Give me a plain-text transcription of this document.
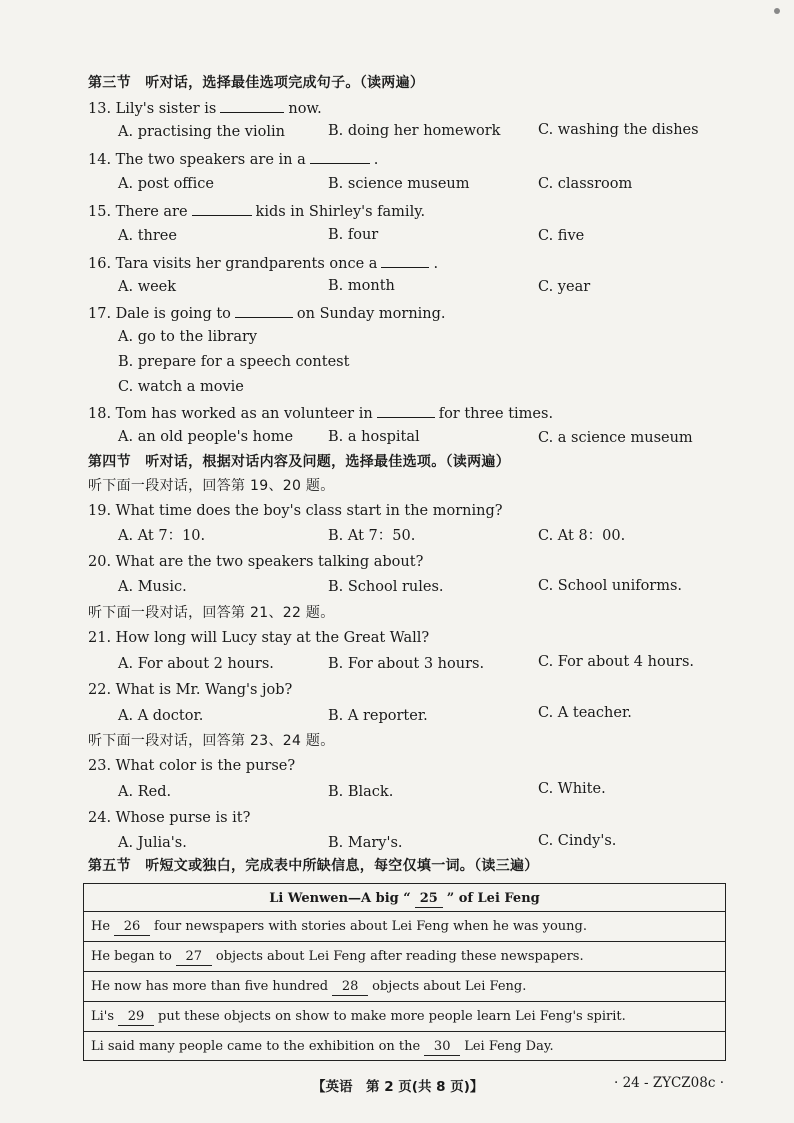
第三节　听对话，选择最佳选项完成句子。（读两遍）
13. Lily's sister is	now.
A. practising the violin	B. doing her homework	C. washing the dishes
14. The two speakers are in a	.
A. post office	B. science museum	C. classroom
15. There are	kids in Shirley's family.
A. three	B. four	C. five
16. Tara visits her grandparents once a	.
A. week	B. month	C. year
17. Dale is going to	on Sunday morning.
A. go to the library
B. prepare for a speech contest
C. watch a movie
18. Tom has worked as an volunteer in	for three times.
A. an old people's home B. a hospital	C. a science museum
第四节　听对话，根据对话内容及问题，选择最佳选项。（读两遍）
听下面一段对话，回答第 19、20 题。
19. What time does the boy's class start in the morning?
A. At 7：10.	B. At 7：50.	C. At 8：00.
20. What are the two speakers talking about?
A. Music.	B. School rules.	C. School uniforms.
听下面一段对话，回答第 21、22 题。
21. How long will Lucy stay at the Great Wall?
A. For about 2 hours.	B. For about 3 hours.	C. For about 4 hours.
22. What is Mr. Wang's job?
A. A doctor.	B. A reporter.	C. A teacher.
听下面一段对话，回答第 23、24 题。
23. What color is the purse?
A. Red.	B. Black.	C. White.
24. Whose purse is it?
A. Julia's.	B. Mary's.	C. Cindy's.
第五节　听短文或独白，完成表中所缺信息，每空仅填一词。（读三遍）
Li Wenwen—A big “ 25 ” of Lei Feng
He 26 four newspapers with stories about Lei Feng when he was young.
He began to 27 objects about Lei Feng after reading these newspapers.
He now has more than five hundred 28 objects about Lei Feng.
Li's 29 put these objects on show to make more people learn Lei Feng's spirit.
Li said many people came to the exhibition on the 30 Lei Feng Day.
【英语　第 2 页(共 8 页)】	· 24 - ZYCZ08c ·
